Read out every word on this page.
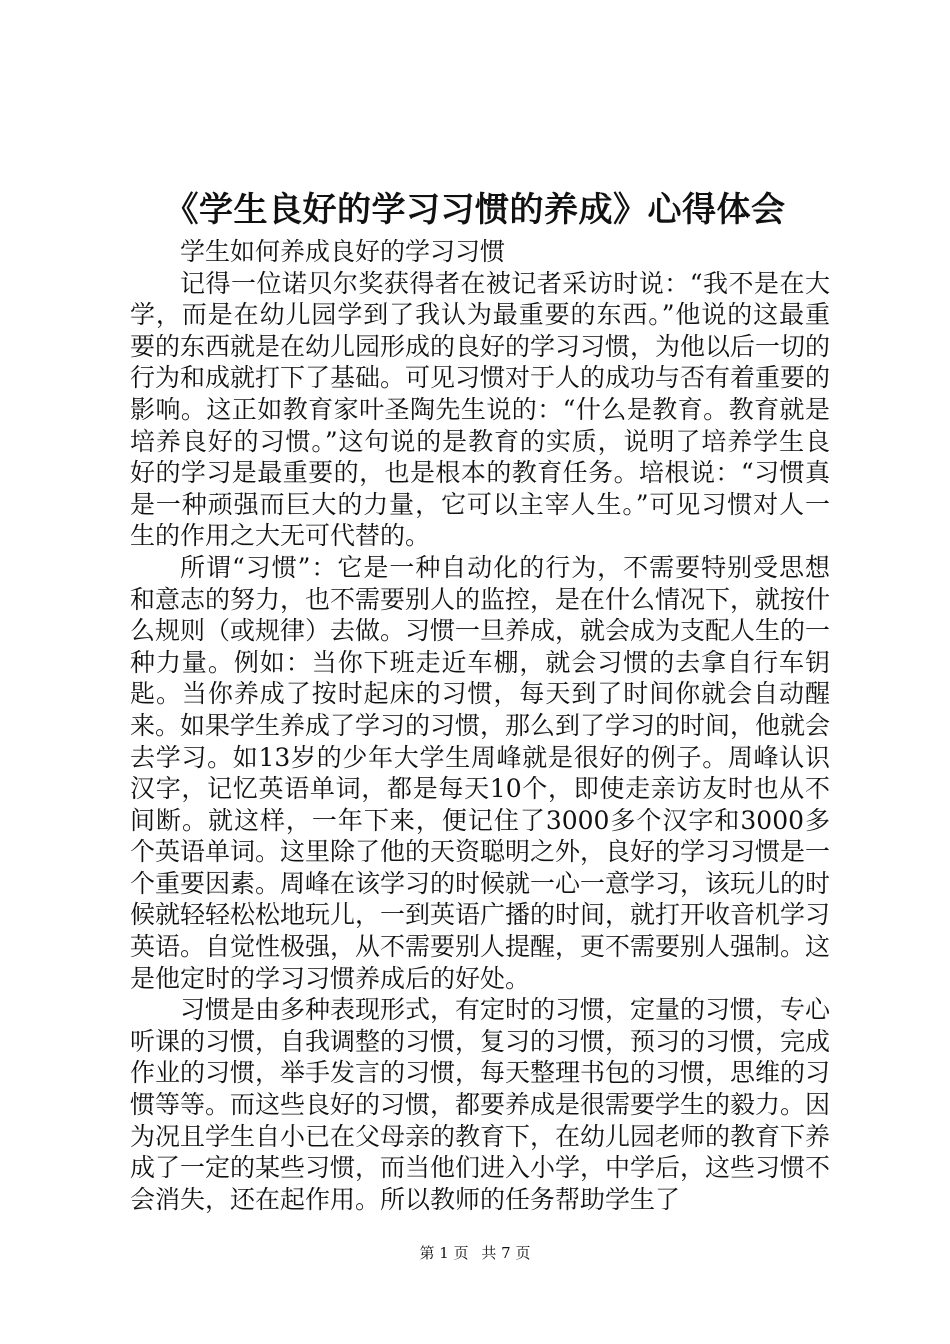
《学生良好的学习习惯的养成》心得体会

学生如何养成良好的学习习惯

记得一位诺贝尔奖获得者在被记者采访时说：“我不是在大学，而是在幼儿园学到了我认为最重要的东西。”他说的这最重要的东西就是在幼儿园形成的良好的学习习惯，为他以后一切的行为和成就打下了基础。可见习惯对于人的成功与否有着重要的影响。这正如教育家叶圣陶先生说的：“什么是教育。教育就是培养良好的习惯。”这句说的是教育的实质，说明了培养学生良好的学习是最重要的，也是根本的教育任务。培根说：“习惯真是一种顽强而巨大的力量，它可以主宰人生。”可见习惯对人一生的作用之大无可代替的。

所谓“习惯”：它是一种自动化的行为，不需要特别受思想和意志的努力，也不需要别人的监控，是在什么情况下，就按什么规则（或规律）去做。习惯一旦养成，就会成为支配人生的一种力量。例如：当你下班走近车棚，就会习惯的去拿自行车钥匙。当你养成了按时起床的习惯，每天到了时间你就会自动醒来。如果学生养成了学习的习惯，那么到了学习的时间，他就会去学习。如13岁的少年大学生周峰就是很好的例子。周峰认识汉字，记忆英语单词，都是每天10个，即使走亲访友时也从不间断。就这样，一年下来，便记住了3000多个汉字和3000多个英语单词。这里除了他的天资聪明之外，良好的学习习惯是一个重要因素。周峰在该学习的时候就一心一意学习，该玩儿的时候就轻轻松松地玩儿，一到英语广播的时间，就打开收音机学习英语。自觉性极强，从不需要别人提醒，更不需要别人强制。这是他定时的学习习惯养成后的好处。

习惯是由多种表现形式，有定时的习惯，定量的习惯，专心听课的习惯，自我调整的习惯，复习的习惯，预习的习惯，完成作业的习惯，举手发言的习惯，每天整理书包的习惯，思维的习惯等等。而这些良好的习惯，都要养成是很需要学生的毅力。因为况且学生自小已在父母亲的教育下，在幼儿园老师的教育下养成了一定的某些习惯，而当他们进入小学，中学后，这些习惯不会消失，还在起作用。所以教师的任务帮助学生了

第 1 页 共 7 页
